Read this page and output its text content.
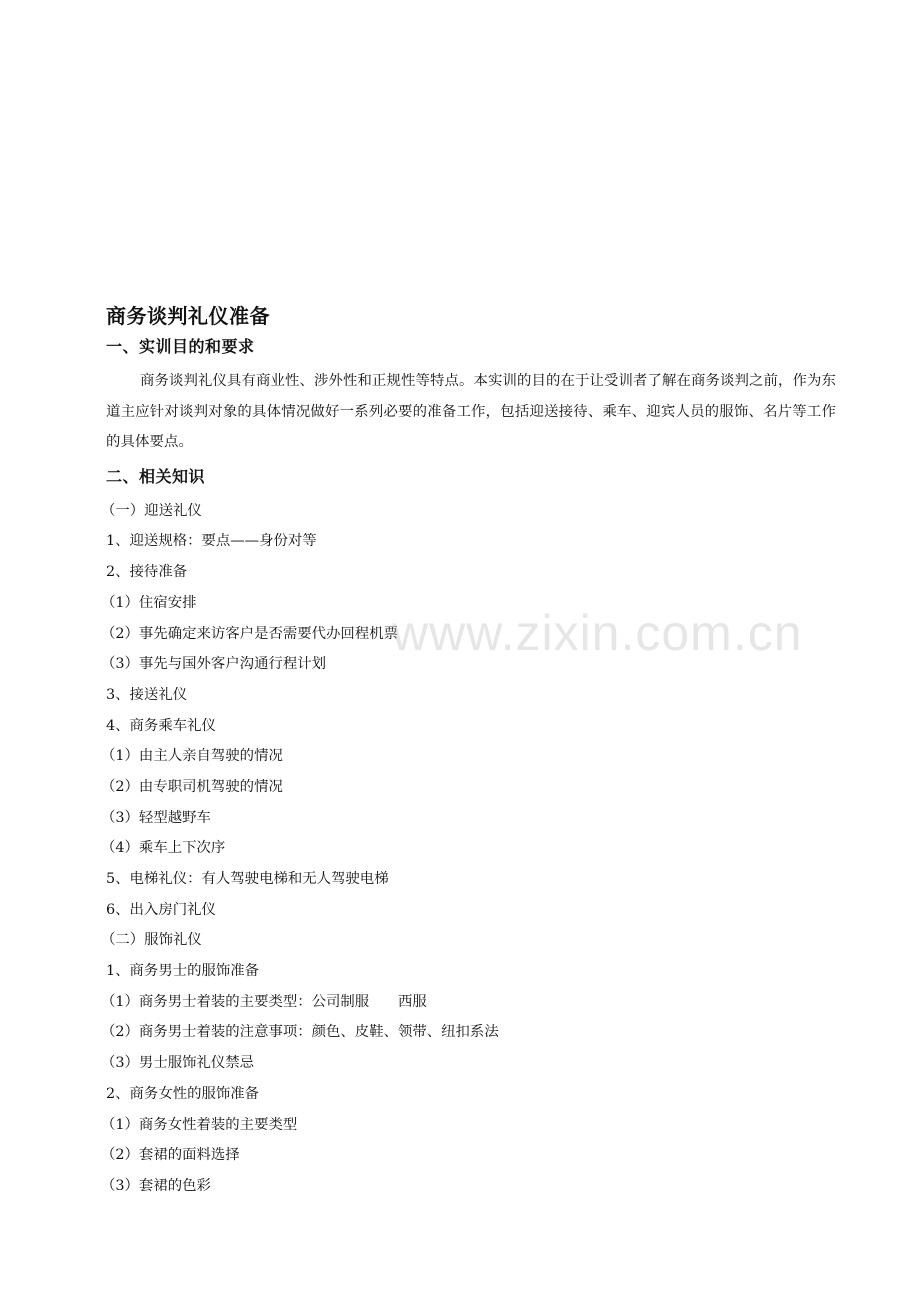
商务谈判礼仪准备
一、实训目的和要求

商务谈判礼仪具有商业性、涉外性和正规性等特点。本实训的目的在于让受训者了解在商务谈判之前，作为东道主应针对谈判对象的具体情况做好一系列必要的准备工作，包括迎送接待、乘车、迎宾人员的服饰、名片等工作的具体要点。

二、相关知识

（一）迎送礼仪

1、迎送规格：要点——身份对等

2、接待准备

（1）住宿安排

（2）事先确定来访客户是否需要代办回程机票

（3）事先与国外客户沟通行程计划

3、接送礼仪

4、商务乘车礼仪

（1）由主人亲自驾驶的情况

（2）由专职司机驾驶的情况

（3）轻型越野车

（4）乘车上下次序

5、电梯礼仪：有人驾驶电梯和无人驾驶电梯

6、出入房门礼仪

（二）服饰礼仪

1、商务男士的服饰准备

（1）商务男士着装的主要类型：公司制服　　西服

（2）商务男士着装的注意事项：颜色、皮鞋、领带、纽扣系法

（3）男士服饰礼仪禁忌

2、商务女性的服饰准备

（1）商务女性着装的主要类型

（2）套裙的面料选择

（3）套裙的色彩

www.zixin.com.cn
